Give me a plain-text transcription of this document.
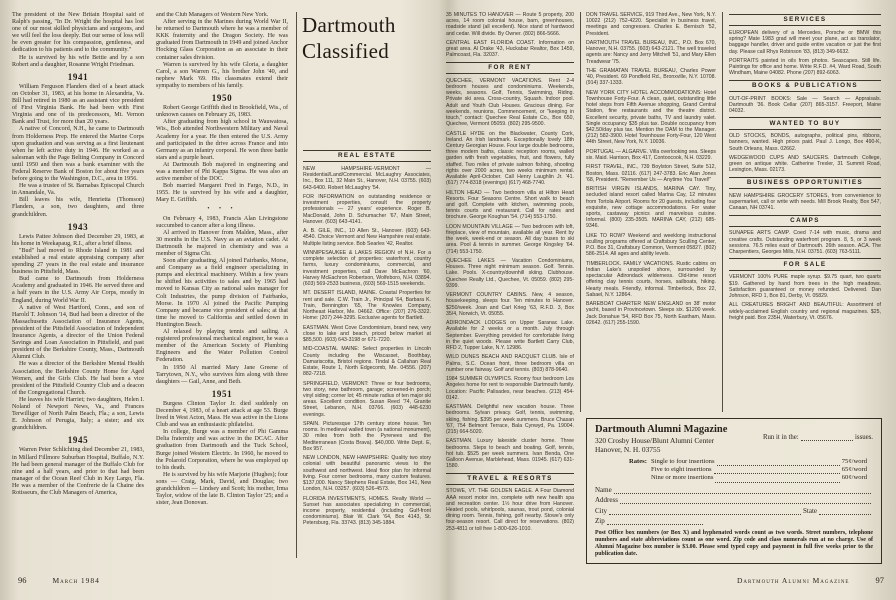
The president of the New Britain Hospital said of Ralph's passing, "In Dr. Wright the hospital has lost one of our most skilled physicians and surgeons, and we will feel the loss deeply. But our sense of loss will be even greater for his compassion, gentleness, and dedication to his patients and to the community."
He is survived by his wife Bettie and by a son Robert and a daughter, Rosanne Wright Friedman.
1941
William Ferguson Flanders died of a heart attack on October 31, 1983, at his home in Alexandria, Va. Bill had retired in 1980 as an assistant vice president of First Virginia Bank. He had been with First Virginia and one of its predecessors, Mt. Vernon Bank and Trust, for more than 20 years.
A native of Concord, N.H., he came to Dartmouth from Holderness Prep. He entered the Marine Corps upon graduation and was serving as a first lieutenant when he left active duty in 1946. He worked as a salesman with the Page Belting Company in Concord until 1950 and then was a bank examiner with the Federal Reserve Bank of Boston for about five years before going to the Washington, D.C., area in 1956.
He was a trustee of St. Barnabas Episcopal Church in Annandale, Va.
Bill leaves his wife, Henrietta (Thomson) Flanders, a son, two daughters, and three grandchildren.
1943
Lewis Pattee Johnson died December 29, 1983, at his home in Weekapaug, R.I., after a brief illness.
"Bud" had moved to Rhode Island in 1981 and established a real estate appraising company after spending 27 years in the real estate and insurance business in Pittsfield, Mass.
Bud came to Dartmouth from Holderness Academy and graduated in 1946. He served three and a half years in the U.S. Army Air Corps, mostly in England, during World War II.
A native of West Hartford, Conn., and son of Harold T. Johnson '14, Bud had been a director of the Massachusetts Association of Insurance Agents, president of the Pittsfield Association of Independent Insurance Agents, a director of the Union Federal Savings and Loan Association in Pittsfield, and past president of the Berkshire County, Mass., Dartmouth Alumni Club.
He was a director of the Berkshire Mental Health Association, the Berkshire County Home for Aged Women, and the Girls Club. He had been a vice president of the Pittsfield Country Club and a deacon of the Congregational Church.
He leaves his wife Harriet; two daughters, Helen I. Noland of Newport News, Va., and Frances Terwilliger of North Palm Beach, Fla.; a son, Lewis E. Johnson of Perugia, Italy; a sister; and six grandchildren.
1945
Warren Peter Schlichting died December 21, 1983, in Millard Fillmore Suburban Hospital, Buffalo, N.Y. He had been general manager of the Buffalo Club for nine and a half years, and prior to that had been manager of the Ocean Reef Club in Key Largo, Fla. He was a member of the Confrerie de la Chaine des Rotisseurs, the Club Managers of America,
and the Club Managers of Western New York.
After serving in the Marines during World War II, he returned to Dartmouth where he was a member of KKK fraternity and the Dragon Society. He was graduated from Dartmouth in 1949 and joined Anchor Hocking Glass Corporation as an associate in their container sales division.
Warren is survived by his wife Gloria, a daughter Carol, a son Warren G., his brother John '40, and nephew Mark '69. His classmates extend their sympathy to members of his family.
1950
Robert George Griffith died in Brookfield, Wis., of unknown causes on February 26, 1983.
After graduating from high school in Wauwatosa, Wis., Bob attended Northwestern Military and Naval Academy for a year. He then entered the U.S. Army and participated in the drive across France and into Germany as an infantry corporal. He won three battle stars and a purple heart.
At Dartmouth Bob majored in engineering and was a member of Phi Kappa Sigma. He was also an active member of the DOC.
Bob married Margaret Fred in Fargo, N.D., in 1955. He is survived by his wife and a daughter, Mary E. Griffith.
• • •
On February 4, 1983, Francis Alan Livingstone succumbed to cancer after a long illness.
Al arrived in Hanover from Malden, Mass., after 30 months in the U.S. Navy as an aviation cadet. At Dartmouth he majored in chemistry and was a member of Sigma Chi.
Soon after graduating, Al joined Fairbanks, Morse, and Company as a field engineer specializing in pumps and electrical machinery. Within a few years he shifted his activities to sales and by 1965 had moved to Kansas City as national sales manager for Colt Industries, the pump division of Fairbanks, Morse. In 1970 Al joined the Pacific Pumping Company and became vice president of sales; at that time he moved to California and settled down in Huntington Beach.
Al relaxed by playing tennis and sailing. A registered professional mechanical engineer, he was a member of the American Society of Plumbing Engineers and the Water Pollution Control Federation.
In 1950 Al married Mary Jane Greene of Tarrytown, N.Y., who survives him along with three daughters — Gail, Anne, and Beth.
1951
Burgess Clinton Taylor Jr. died suddenly on December 4, 1983, of a heart attack at age 53. Burge lived in West Acton, Mass. He was active in the Lions Club and was an enthusiastic philatelist.
In college, Burge was a member of Phi Gamma Delta fraternity and was active in the DCAC. After graduation from Dartmouth and the Tuck School, Burge joined Western Electric. In 1960, he moved to the Polaroid Corporation, where he was employed up to his death.
He is survived by his wife Marjorie (Hughes); four sons — Craig, Mark, David, and Douglas; two grandchildren — Lindsey and Scott; his mother, Irma Taylor, widow of the late B. Clinton Taylor '25; and a sister, Jean Donovan.
Dartmouth
Classified
REAL ESTATE
NEW HAMPSHIRE-VERMONT — Residential/Land/Commercial. McLaughry Associates, Inc., Box 111, 32 Main St., Hanover, N.H. 03755. (603) 643-6400. Robert McLaughry '54.
FOR INFORMATION on outstanding residence or investment properties, consult the property professionals — 27 years' experience. Roger B. MacDonald, John D. Schumacher '67, Main Street, Hanover. (603) 643-4141.
A. B. GILE, INC., 10 Allen St., Hanover. (603) 643-4540. Choice Vermont and New Hampshire real estate. Multiple listing service. Bob Searles '42, Realtor.
WINNIPESAUKEE & LAKES REGION of N.H. For a complete selection of properties: waterfront, country farms, luxury condominiums, commercial, and investment properties, call Dave McEachron '60, Harvey McEachron Robertson, Wolfeboro, N.H. 03894. (603) 569-2533 business, (603) 569-1515 weekends.
MT. DESERT ISLAND, MAINE. Coastal Properties for rent and sale. C.W. Train Jr., Principal '64, Barbara K. Train, Bennington '65, The Knowles Company, Northeast Harbor, Me. 04662. Office: (207) 276-3322. Home: (207) 244-3295. Exclusive agents for Bartlett.
EASTMAN. West Cove Condominium, brand new, very close to lake and beach, priced below market at $85,500. (603) 643-3198 or 671-7220.
MID-COASTAL MAINE: Select properties in Lincoln County including the Wiscasset, Boothbay, Damariscotta, Bristol regions. Tindal & Callahan Real Estate, Route 1, North Edgecomb, Me. 04556. (207) 882-7218.
SPRINGFIELD, VERMONT: Three or four bedrooms, two story, new bathroom, garage; screened-in porch; vinyl siding; corner lot; 45 minute radius of ten major ski areas. Excellent condition. Susan Reed '74, Granite Street, Lebanon, N.H. 03766. (603) 448-6230 evenings.
SPAIN. Picturesque 17th century stone house. Ten rooms. In medieval walled town (a national monument), 30 miles from both the Pyrenees and the Mediterranean (Costa Brava). $40,000. Write Dept. E, Box 957.
NEW LONDON, NEW HAMPSHIRE: Quality two story colonial with beautiful panoramic views to the southwest and northwest. Ideal floor plan for informal living. Four corner bedrooms, many custom features. $137,000. Nancy Stephens Real Estate, Box 141, New London, N.H. 03257. (603) 526-4573.
FLORIDA INVESTMENTS, HOMES. Realty World — Sunset has associates specializing in commercial, income property, residential (including Gulf-front condominiums). Blair W. Clark '64, Box 4143, St. Petersburg, Fla. 33743. (813) 345-1884.
35 MINUTES TO HANOVER — Route 5 property, 200 acres, 14 room colonial house, barn, greenhouses, roadside stand (all excellent). Nice stand of hardwood and cedar. Will divide. By Owner. (802) 866-5666.
CENTRAL EAST FLORIDA COAST. Information on great area. Al Drake '43, Huckabar Realtor, Box 1459, Palmcoast, Fla. 32037.
FOR RENT
QUECHEE, VERMONT VACATIONS. Rent 2-4 bedroom houses and condominiums. Weekends, weeks, seasons. Golf, Tennis, Swimming, Riding. Private ski area. Cross-country, Squash. Indoor pool. Adult and Youth Club Houses. Gracious dining. For weekends, reunions, Commencement, or "keeping in touch," contact: Quechee Real Estate Co., Box 650, Quechee, Vermont 05059. (802) 295-9500.
CASTLE HYDE on the Blackwater, County Cork, Ireland. An Irish landmark. Exceptionally lovely 18th Century Georgian House. Four large double bedrooms, three modern baths, classic reception rooms, walled garden with fresh vegetables, fruit, and flowers, fully staffed. Two miles of private salmon fishing, shooting rights over 2000 acres, two weeks minimum rental. Available April-October. Call Henry Laughlin Jr. '41. (617) 774-8318 (evenings) (617) 468-7740.
HILTON HEAD — Two bedroom villa at Hilton Head Resorts. Four Seasons Centre. Short walk to beach and golf. Complete with kitchen, swimming pools, tennis courts and restaurant. Call for rates and brochure. George Koughan '54. (714) 553-1750.
LOON MOUNTAIN VILLAGE — Two bedroom with loft, fireplace, view of mountain, available all year. Rent by the week, week-end or season. All day buses to ski area. Pool & tennis in summer. George Kingsley '64. (714) 553-1750.
QUECHEE LAKES — Vacation Condominiums, Houses. Three night minimum season. Golf. Tennis. Lake. Pools. X-country/downhill skiing. Clubhouse. Quechee Realty Ltd., Quechee, Vt. 05059. (802) 295-9399.
VERMONT COUNTRY CABINS. New, 4 season, housekeeping, sleeps four. Ten minutes to Hanover. $250/week. Joan and Carl Krieg '63, R.F.D. 3, Box 35/4, Norwich, Vt. 05055.
ADIRONDACK LODGES on Upper Saranac Lake. Available for 2 weeks or a month. July through September. Everything provided for comfortable living in the quiet woods. Please write Bartlett Carry Club, RFD 2, Tupper Lake, N.Y. 12986.
WILD DUNES BEACH AND RACQUET CLUB. Isle of Palms, S.C. Ocean front, three bedroom villa on number one fairway. Golf and tennis. (803) 878-9640.
1984 SUMMER OLYMPICS. Roomy four bedroom Los Angeles home for rent to responsible Dartmouth family. Location: Pacific Palisades, near beaches. (213) 454-0142.
EASTMAN. Delightful new vacation house. Three bedrooms. Sylvan privacy. Golf, tennis, swimming, skiing, fishing. $395 per week summers. Bruce Chasan '67, 754 Belmont Terrace, Bala Cynwyd, Pa. 19004. (215) 664-5020.
EASTMAN. Luxury lakeside cluster home. Three bedrooms. Steps to beach and boating. Golf, tennis, hot tub. $525 per week summers. Ivan Benda, One Galloon Avenue, Marblehead, Mass. 01945. (617) 631-1580.
TRAVEL & RESORTS
STOWE, VT. THE GOLDEN EAGLE. A Four Diamond AAA resort motor inn, complete with new health spa and recreation center. 1½ hour drive from Hanover. Heated pools, whirlpools, saunas, trout pond, colonial dining room. Tennis, fishing, golf nearby. Stowe's only four-season resort. Call direct for reservations. (802) 253-4811 or toll free 1-800-626-1010.
DON TRAVEL SERVICE, 919 Third Ave., New York, N.Y. 10022 (212) 752-4220. Specialist in business travel, meetings and congresses. Charles E. Bernisch '52, President.
DARTMOUTH TRAVEL BUREAU, INC., P.O. Box 670, Hanover, N.H. 03755. (603) 643-2121. The well traveled agents are: Nancy and Jerry Mitchell '51, and Mary Ellen Treadwear '75.
THE GRAMATAN TRAVEL BUREAU, Charles Power '40, President. 69 Pondfield Rd., Bronxville, N.Y. 10708. (914) 337-1333.
NEW YORK CITY HOTEL ACCOMMODATIONS: Hotel Townhouse Forty-Four. A clean, quiet, outstanding little hotel steps from Fifth Avenue shopping, Grand Central Station, fine restaurants and the theatre district. Excellent security, private baths, TV and laundry valet. Single occupancy $35 plus tax. Double occupancy from $42.50/day plus tax. Mention the DAM to the Manager. (212) 582-3900. Hotel Townhouse Forty-Four, 120 West 44th Street, New York, N.Y. 10036.
PORTUGAL — ALGARVE. Villa overlooking sea. Sleeps six. Maid. Harrison, Box 417, Contoocook, N.H. 03229.
FIRST TRAVEL, INC., 739 Boylston Street, Suite 512, Boston, Mass. 02116. (617) 247-3783. Eric Alan Jones '68, President. "Remember Us — Anytime You Travel!"
BRITISH VIRGIN ISLANDS, MARINA CAY. Tiny, secluded island resort called Marina Cay, 12 minutes from Tortola Airport. Rooms for 20 guests, including four exquisite, new cottage accommodations. For water sports, castaway picnics and marvelous cuisine. Informal. (800) 235-3505. MARINA CAY, (212) 685-9346.
LIKE TO ROW? Weekend and weeklong instructional sculling programs offered at Craftsbury Sculling Center, P.O. Box 31, Craftsbury Common, Vermont 05827. (802) 586-2514. All ages and ability levels.
TIMBERLOCK. FAMILY VACATIONS. Rustic cabins on Indian Lake's unspoiled shore, surrounded by spectacular Adirondack wilderness. Old-time resort offering clay tennis courts, horses, sailboats, hiking. Hearty meals. Friendly, informal. Timberlock, Box 22, Sabael, N.Y. 12864.
BAREBOAT CHARTER NEW ENGLAND on 38' motor yacht, based in Provincetown. Sleeps six. $1200 week. Jack Donahue '54, RFD Box 75, North Eastham, Mass. 02642. (617) 255-1590.
SERVICES
EUROPEAN delivery of a Mercedes, Porsche or BMW this spring? Mate 1983 grad will meet your plane, act as translator, baggage handler, driver and guide entire vacation or just the first day. Please call Rhys Robinson '83, (813) 349-6632.
PORTRAITS painted in oils from photos. Seascapes. Still life. Paintings for office and home. Write R.F.D. #4, Ward Road, South Windham, Maine 04082. Phone (207) 892-6063.
BOOKS & PUBLICATIONS
OUT-OF-PRINT BOOKS: Sale — Search — Appraisals. Dartmouth '36. Book Cellar (207) 865-3157. Freeport, Maine 04032.
WANTED TO BUY
OLD STOCKS, BONDS, autographs, political pins, ribbons, banners, wanted. High prices paid. Paul J. Longo, Box 490-K, South Orleans, Mass. 02662.
WEDGEWOOD CUPS AND SAUCERS. Dartmouth College, green on antique white. Catherine Trexler, 31 Summit Road, Lexington, Mass. 02173.
BUSINESS OPPORTUNITIES
NEW HAMPSHIRE GROCERY STORES, from convenience to supermarket, call or write with needs. Mill Brook Realty, Box 547, Canaan, NH 03741.
CAMPS
SUNAPEE ARTS CAMP. Coed 7-14 with music, drama and creative crafts. Outstanding waterfront program. 8, 5, or 3 week sessions. 76.5 miles east of Dartmouth. 26th season. ACA. The Charpentiers, Georges Mills, N.H. 03751. (603) 763-5111.
FOR SALE
VERMONT 100% PURE maple syrup. $9.75 quart, two quarts $19. Gathered by hand from trees in the high meadows. Satisfaction guaranteed or money refunded. Delivered. Dan Johnson, RFD 1, Box 81, Derby, Vt. 05829.
ALL CREATURES BRIGHT AND BEAUTIFUL: Assortment of widely-acclaimed English country and regional magazines. $25, freight paid. Box 235H, Waterbury, Vt. 05676.
Dartmouth Alumni Magazine
320 Crosby House/Blunt Alumni Center
Hanover, N. H. 03755
Run it in the:	issues.
Rates: Single to four insertions	75¢/word
Five to eight insertions	65¢/word
Nine or more insertions	60¢/word
Name
Address
City	State
Zip
Post Office box numbers (or Box X) and hyphenated words count as two words. Street numbers, telephone numbers and state abbreviations count as one word. Zip code and class numerals run at no charge. Use of Alumni Magazine box number is $3.00. Please send typed copy and payment in full five weeks prior to the publication date.
96	March 1984	Dartmouth Alumni Magazine	97
